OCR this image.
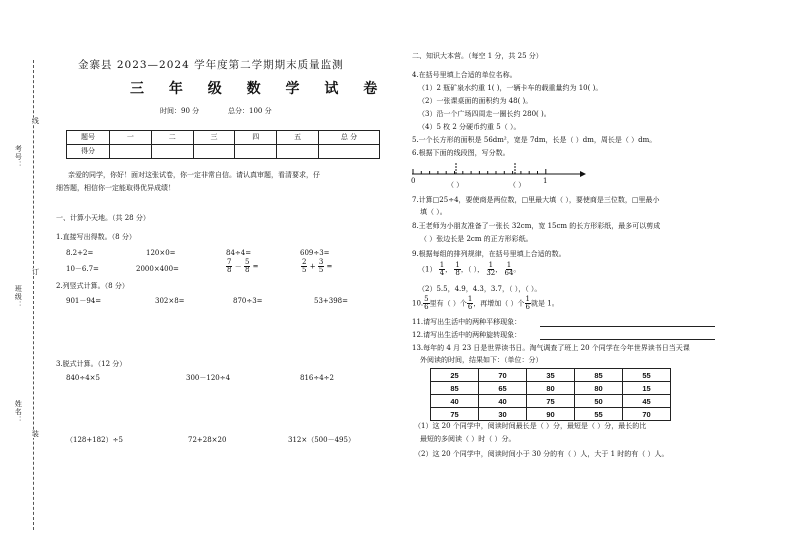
考号：
线
班级：
订
姓名：
装
金寨县 2023—2024 学年度第二学期期末质量监测
三 年 级 数 学 试 卷
时间：90 分	总分：100 分
题号	一	二	三	四	五	总 分
得分						
亲爱的同学，你好！面对这张试卷，你一定非常自信。请认真审题，看清要求，仔
细答题，相信你一定能取得优异成绩！
一、计算小天地。（共 28 分）
1.直接写出得数。（8 分）
8.2+2=	120×0=	84÷4=	609÷3=
10－6.7=	2000×400=	$\frac{7}{8} - \frac{5}{8}$ =	$\frac{2}{5} + \frac{3}{5}$ =
2.列竖式计算。（8 分）
901－94=	302×8=	870÷3=	53+398=
3.脱式计算。（12 分）
840÷4×5	300－120÷4	816÷4÷2
（128+182）÷5	72+28×20	312×（500－495）
二、知识大本营。（每空 1 分，共 25 分）
4.在括号里填上合适的单位名称。
（1）2 瓶矿泉水约重 1( )，一辆卡车的载重量约为 10( )。
（2）一张课桌面的面积约为 48( )。
（3）沿一个广场四周走一圈长约 280( )。
（4）5 枚 2 分硬币约重 5（ ）。
5.一个长方形的面积是 56dm²，宽是 7dm，长是（ ）dm，周长是（ ）dm。
6.根据下面的线段图，写分数。
0	1
（ ）	（ ）
7.计算□25÷4，要使商是两位数，□里最大填（ ），要使商是三位数，□里最小
填（ ）。
8.王老师为小朋友准备了一张长 32cm，宽 15cm 的长方形彩纸，最多可以剪成
（ ）张边长是 2cm 的正方形彩纸。
9.根据每组的排列规律，在括号里填上合适的数。
$(1) \frac{1}{4}$ ， $\frac{1}{8}$ ，（ ）， $\frac{1}{32}$ ， $\frac{1}{64}$ 。
（2）5.5，4.9，4.3，3.7，（ ），（ ）。
10. $\frac{5}{6}$ 里有（ ）个 $\frac{1}{6}$ ，再增加（ ）个 $\frac{1}{6}$ 就是 1。
11.请写出生活中的两种平移现象：
12.请写出生活中的两种旋转现象：
13.每年的 4 月 23 日是世界读书日。淘气调查了班上 20 个同学在今年世界读书日当天课
外阅读的时间，结果如下：（单位：分）
25	70	35	85	55
85	65	80	80	15
40	40	75	50	45
75	30	90	55	70
（1）这 20 个同学中，阅读时间最长是（ ）分，最短是（ ）分，最长的比
最短的多阅读（ ）时（ ）分。
（2）这 20 个同学中，阅读时间小于 30 分的有（ ）人，大于 1 时的有（ ）人。
